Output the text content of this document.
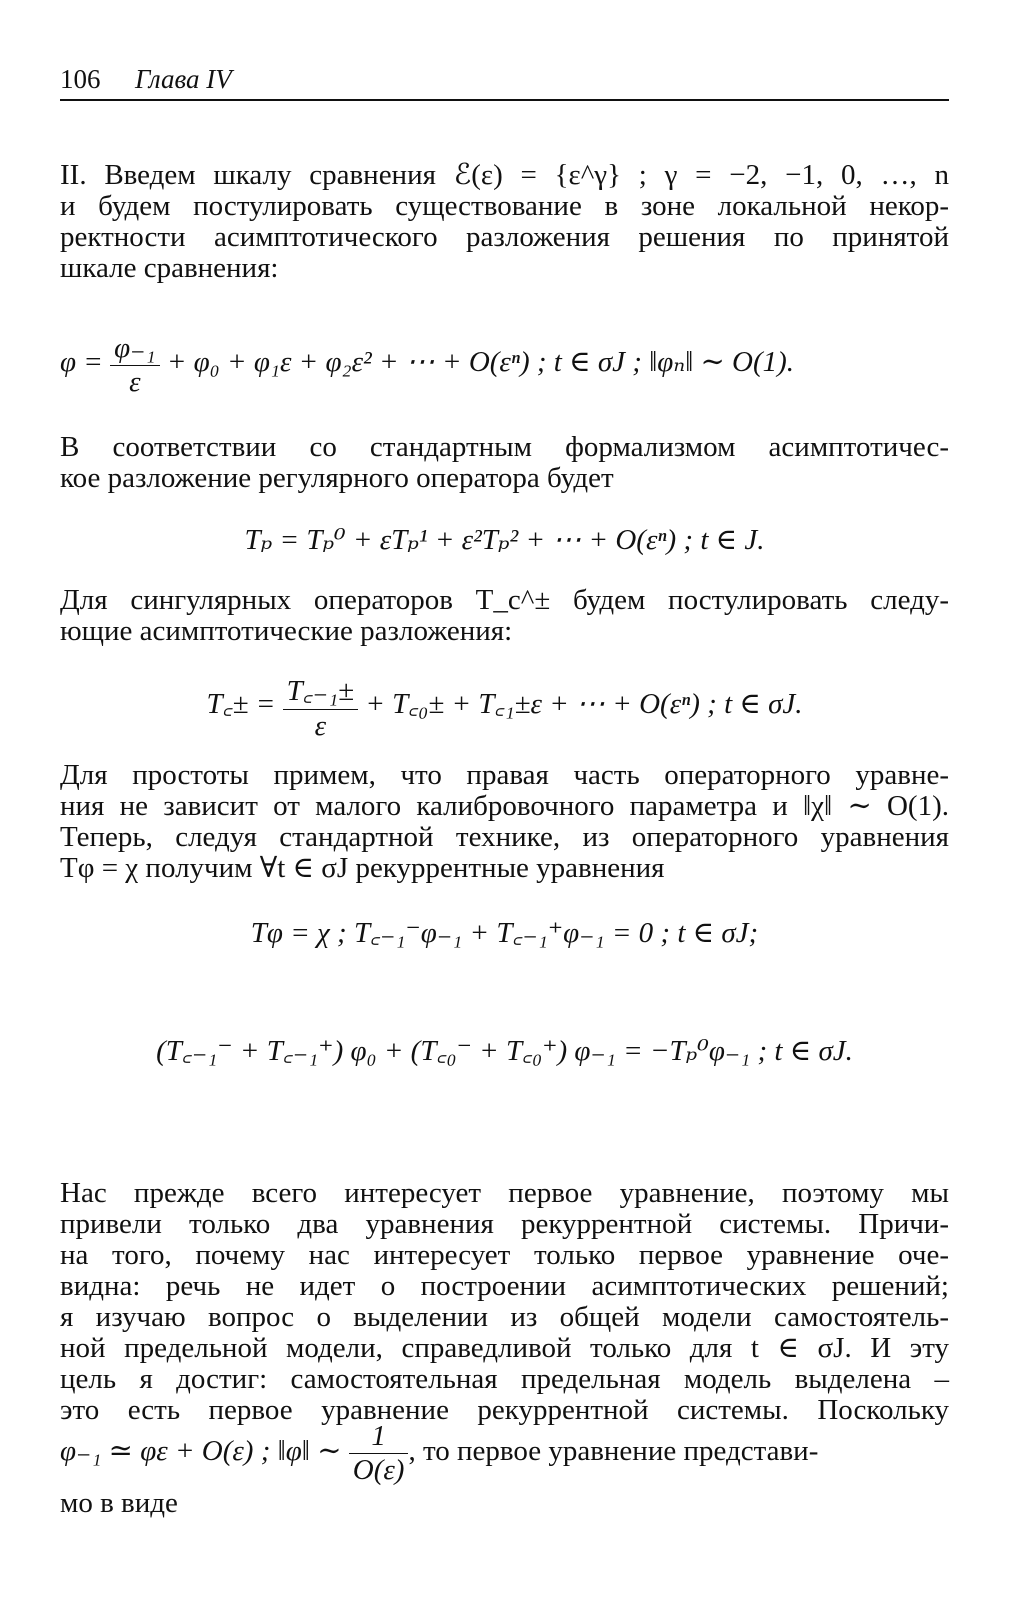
106 Глава IV
II. Введем шкалу сравнения ℰ(ε) = {ε^γ} ; γ = −2, −1, 0, …, n
и будем постулировать существование в зоне локальной некор-
ректности асимптотического разложения решения по принятой
шкале сравнения:
$\varphi = \frac{\text{φ₋₁}}{\varepsilon} + \varphi_0 + \varphi_1\varepsilon + \varphi_2\varepsilon^2$ + ⋯ + O(εⁿ) ; t ∈ σJ ; ‖φₙ‖ ∼ O(1).
В соответствии со стандартным формализмом асимптотичес-
кое разложение регулярного оператора будет
Tₚ = Tₚ⁰ + εTₚ¹ + ε²Tₚ² + ⋯ + O(εⁿ) ; t ∈ J.
Для сингулярных операторов T_c^± будем постулировать следу-
ющие асимптотические разложения:
T꜀± = $\frac{\text{T꜀₋₁±}}{\varepsilon}$ + T꜀₀± + T꜀₁±ε + ⋯ + O(εⁿ) ; t ∈ σJ.
Для простоты примем, что правая часть операторного уравне-
ния не зависит от малого калибровочного параметра и ‖χ‖ ∼ O(1).
Теперь, следуя стандартной технике, из операторного уравнения
Tφ = χ получим ∀t ∈ σJ рекуррентные уравнения
Tφ = χ ; T꜀₋₁⁻φ₋₁ + T꜀₋₁⁺φ₋₁ = 0 ; t ∈ σJ;
(T꜀₋₁⁻ + T꜀₋₁⁺) φ₀ + (T꜀₀⁻ + T꜀₀⁺) φ₋₁ = −Tₚ⁰φ₋₁ ; t ∈ σJ.
Нас прежде всего интересует первое уравнение, поэтому мы
привели только два уравнения рекуррентной системы. Причи-
на того, почему нас интересует только первое уравнение оче-
видна: речь не идет о построении асимптотических решений;
я изучаю вопрос о выделении из общей модели самостоятель-
ной предельной модели, справедливой только для t ∈ σJ. И эту
цель я достиг: самостоятельная предельная модель выделена –
это есть первое уравнение рекуррентной системы. Поскольку
φ₋₁ ≃ φε + O(ε) ; ‖φ‖ ∼ $\frac{1}{O(\varepsilon)}$ , то первое уравнение представи-
мо в виде
